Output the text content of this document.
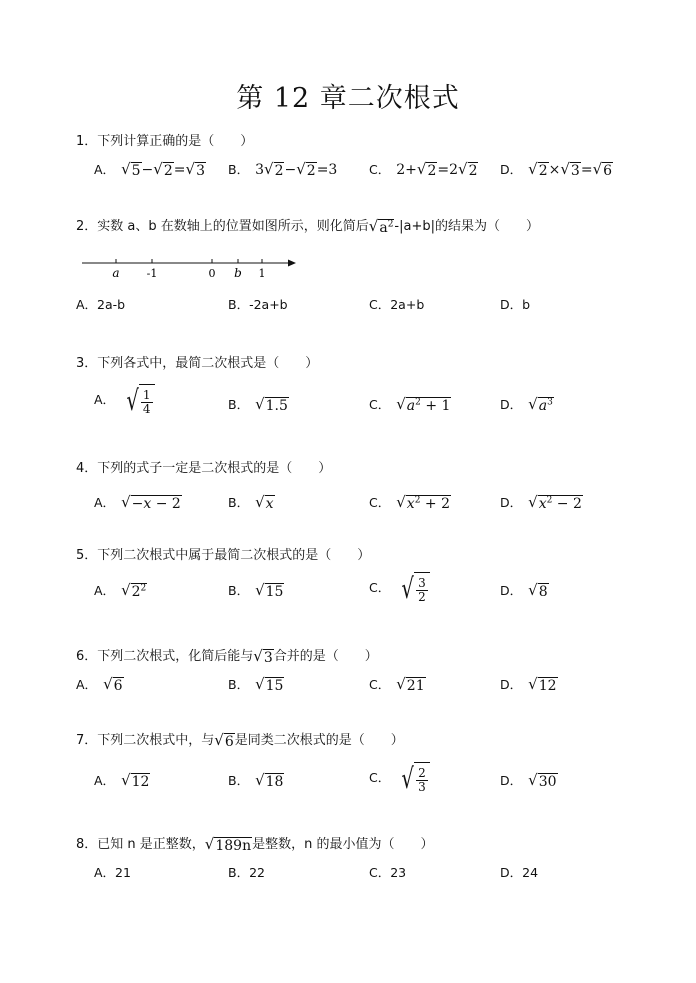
第 12 章二次根式
1．下列计算正确的是（　　）
A． √ 5 − √ 2 = √ 3 B． 3 √ 2 − √ 2 =3	C． 2+ √ 2 =2 √ 2 D． √ 2 × √ 3 = √ 6
2．实数 a、b 在数轴上的位置如图所示，则化简后 √ $a^2$ -|a+b|的结果为（　　）
a -1	0 b 1
A．2a-b	B．-2a+b	C．2a+b	D．b
3．下列各式中，最简二次根式是（　　）
A． √ $\frac{1}{4}$	B． √ 1.5	C． √ $a^2 + 1$	D． √ $a^3$
4．下列的式子一定是二次根式的是（　　）
A． √ −x − 2	B． √ x	C． √ $x^2 + 2$	D． √ $x^2 - 2$
5．下列二次根式中属于最简二次根式的是（　　）
A． √ $2^2$	B． √ 15	C． √ $\frac{3}{2}$	D． √ 8
6．下列二次根式，化简后能与 √ 3 合并的是（　　）
A． √ 6	B． √ 15	C． √ 21	D． √ 12
7．下列二次根式中，与 √ 6 是同类二次根式的是（　　）
A． √ 12	B． √ 18	C． √ $\frac{2}{3}$	D． √ 30
8．已知 n 是正整数， √ 189n 是整数，n 的最小值为（　　）
A．21	B．22	C．23	D．24
